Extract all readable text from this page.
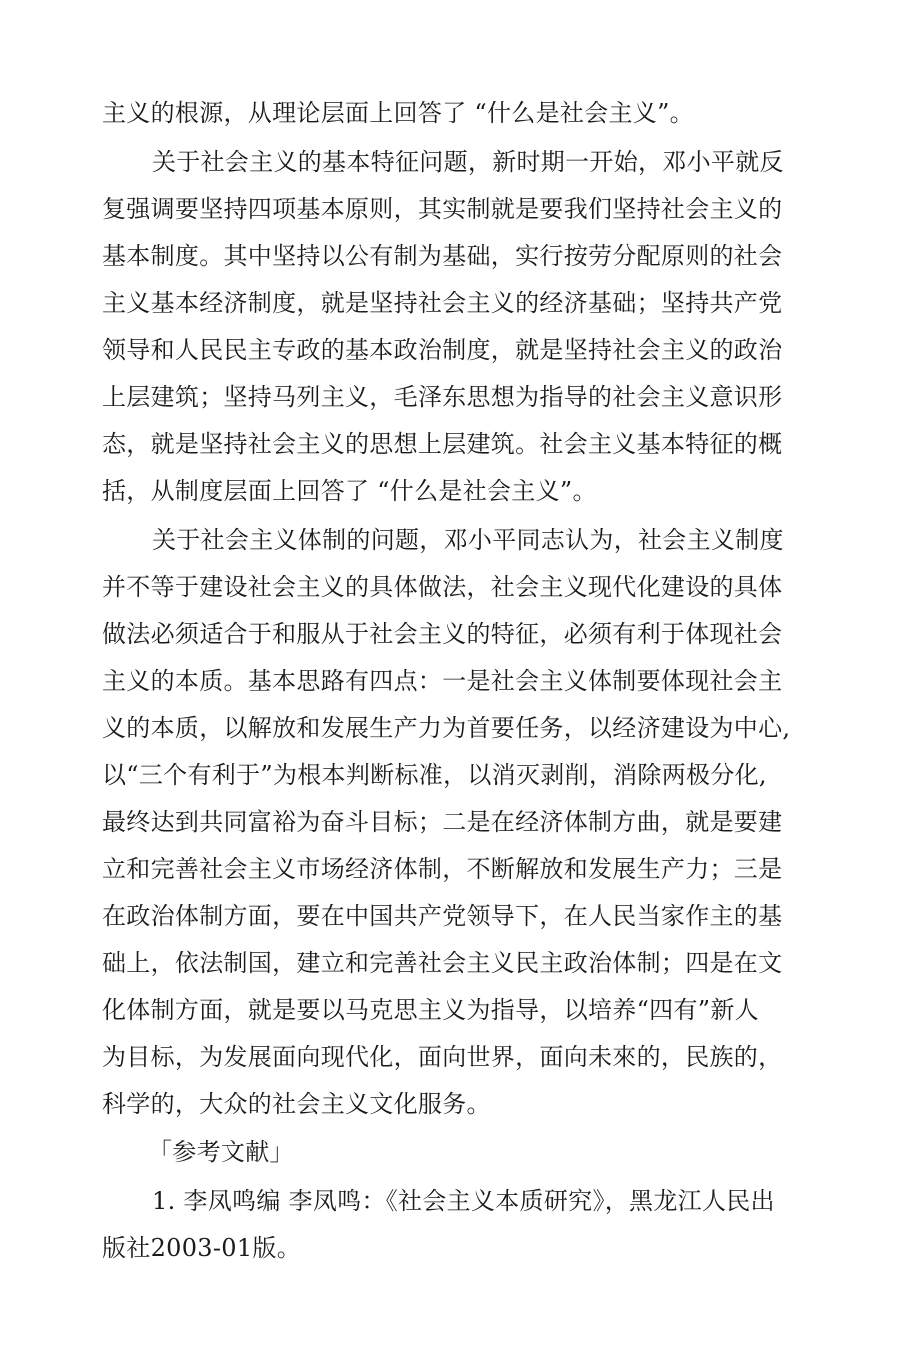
主义的根源，从理论层面上回答了 “什么是社会主义”。
关于社会主义的基本特征问题，新时期一开始，邓小平就反
复强调要坚持四项基本原则，其实制就是要我们坚持社会主义的
基本制度。其中坚持以公有制为基础，实行按劳分配原则的社会
主义基本经济制度，就是坚持社会主义的经济基础；坚持共产党
领导和人民民主专政的基本政治制度，就是坚持社会主义的政治
上层建筑；坚持马列主义，毛泽东思想为指导的社会主义意识形
态，就是坚持社会主义的思想上层建筑。社会主义基本特征的概
括，从制度层面上回答了 “什么是社会主义”。
关于社会主义体制的问题，邓小平同志认为，社会主义制度
并不等于建设社会主义的具体做法，社会主义现代化建设的具体
做法必须适合于和服从于社会主义的特征，必须有利于体现社会
主义的本质。基本思路有四点：一是社会主义体制要体现社会主
义的本质，以解放和发展生产力为首要任务，以经济建设为中心,
以“三个有利于”为根本判断标准，以消灭剥削，消除两极分化,
最终达到共同富裕为奋斗目标；二是在经济体制方曲，就是要建
立和完善社会主义市场经济体制，不断解放和发展生产力；三是
在政治体制方面，要在中国共产党领导下，在人民当家作主的基
础上，依法制国，建立和完善社会主义民主政治体制；四是在文
化体制方面，就是要以马克思主义为指导，以培养“四有”新人
为目标，为发展面向现代化，面向世界，面向未來的，民族的，
科学的，大众的社会主义文化服务。
「参考文献」
1. 李凤鸣编 李凤鸣：《社会主义本质研究》，黑龙江人民出
版社2003-01版。
